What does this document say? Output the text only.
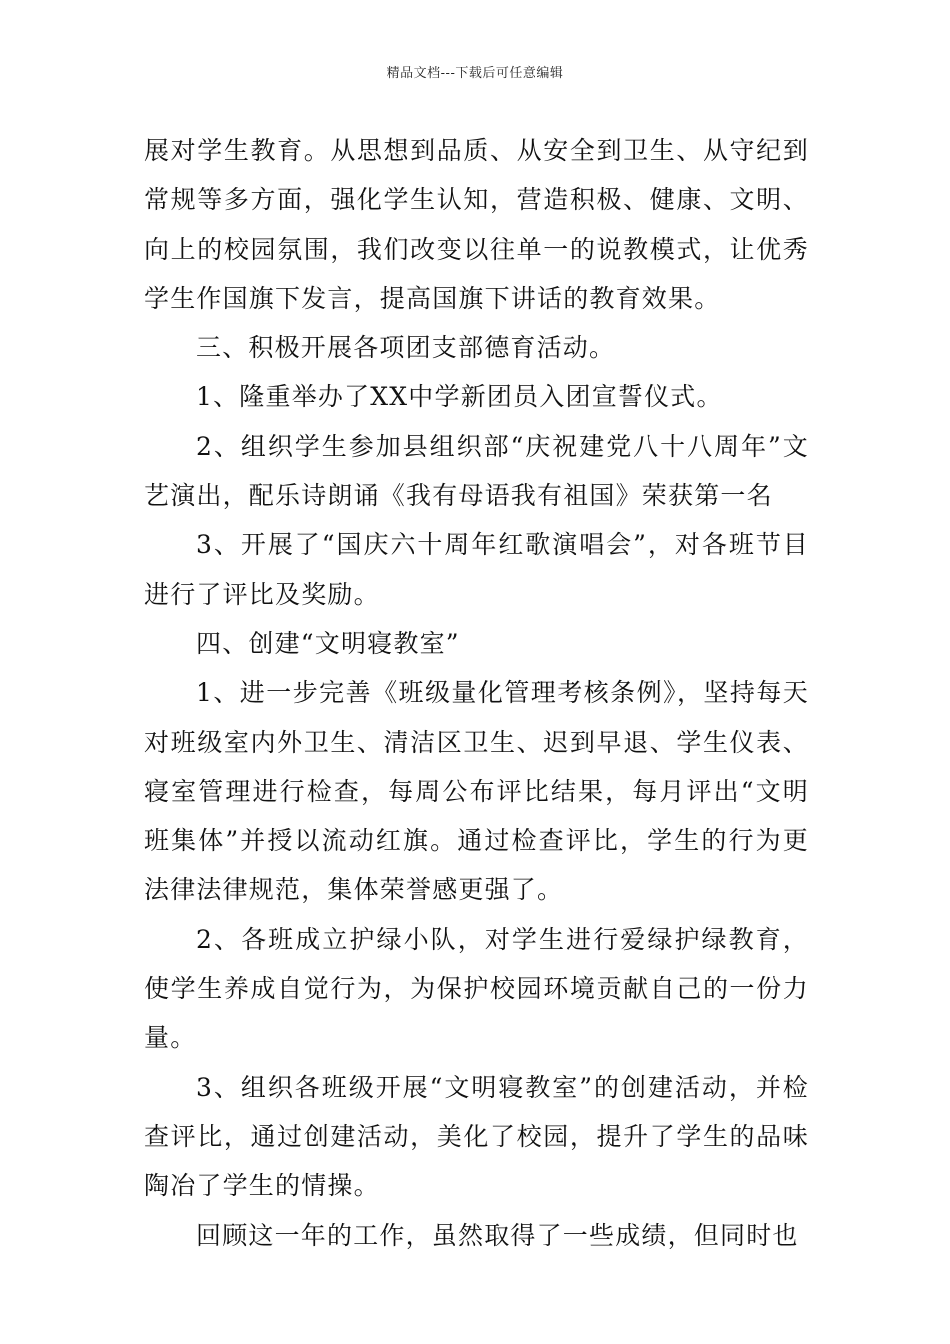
精品文档---下载后可任意编辑

展对学生教育。从思想到品质、从安全到卫生、从守纪到常规等多方面，强化学生认知，营造积极、健康、文明、向上的校园氛围，我们改变以往单一的说教模式，让优秀学生作国旗下发言，提高国旗下讲话的教育效果。

三、积极开展各项团支部德育活动。

1、隆重举办了XX中学新团员入团宣誓仪式。

2、组织学生参加县组织部“庆祝建党八十八周年”文艺演出，配乐诗朗诵《我有母语我有祖国》荣获第一名

3、开展了“国庆六十周年红歌演唱会”，对各班节目进行了评比及奖励。

四、创建“文明寝教室”

1、进一步完善《班级量化管理考核条例》，坚持每天对班级室内外卫生、清洁区卫生、迟到早退、学生仪表、寝室管理进行检查，每周公布评比结果，每月评出“文明班集体”并授以流动红旗。通过检查评比，学生的行为更法律法律规范，集体荣誉感更强了。

2、各班成立护绿小队，对学生进行爱绿护绿教育，使学生养成自觉行为，为保护校园环境贡献自己的一份力量。

3、组织各班级开展“文明寝教室”的创建活动，并检查评比，通过创建活动，美化了校园，提升了学生的品味陶冶了学生的情操。

回顾这一年的工作，虽然取得了一些成绩，但同时也
